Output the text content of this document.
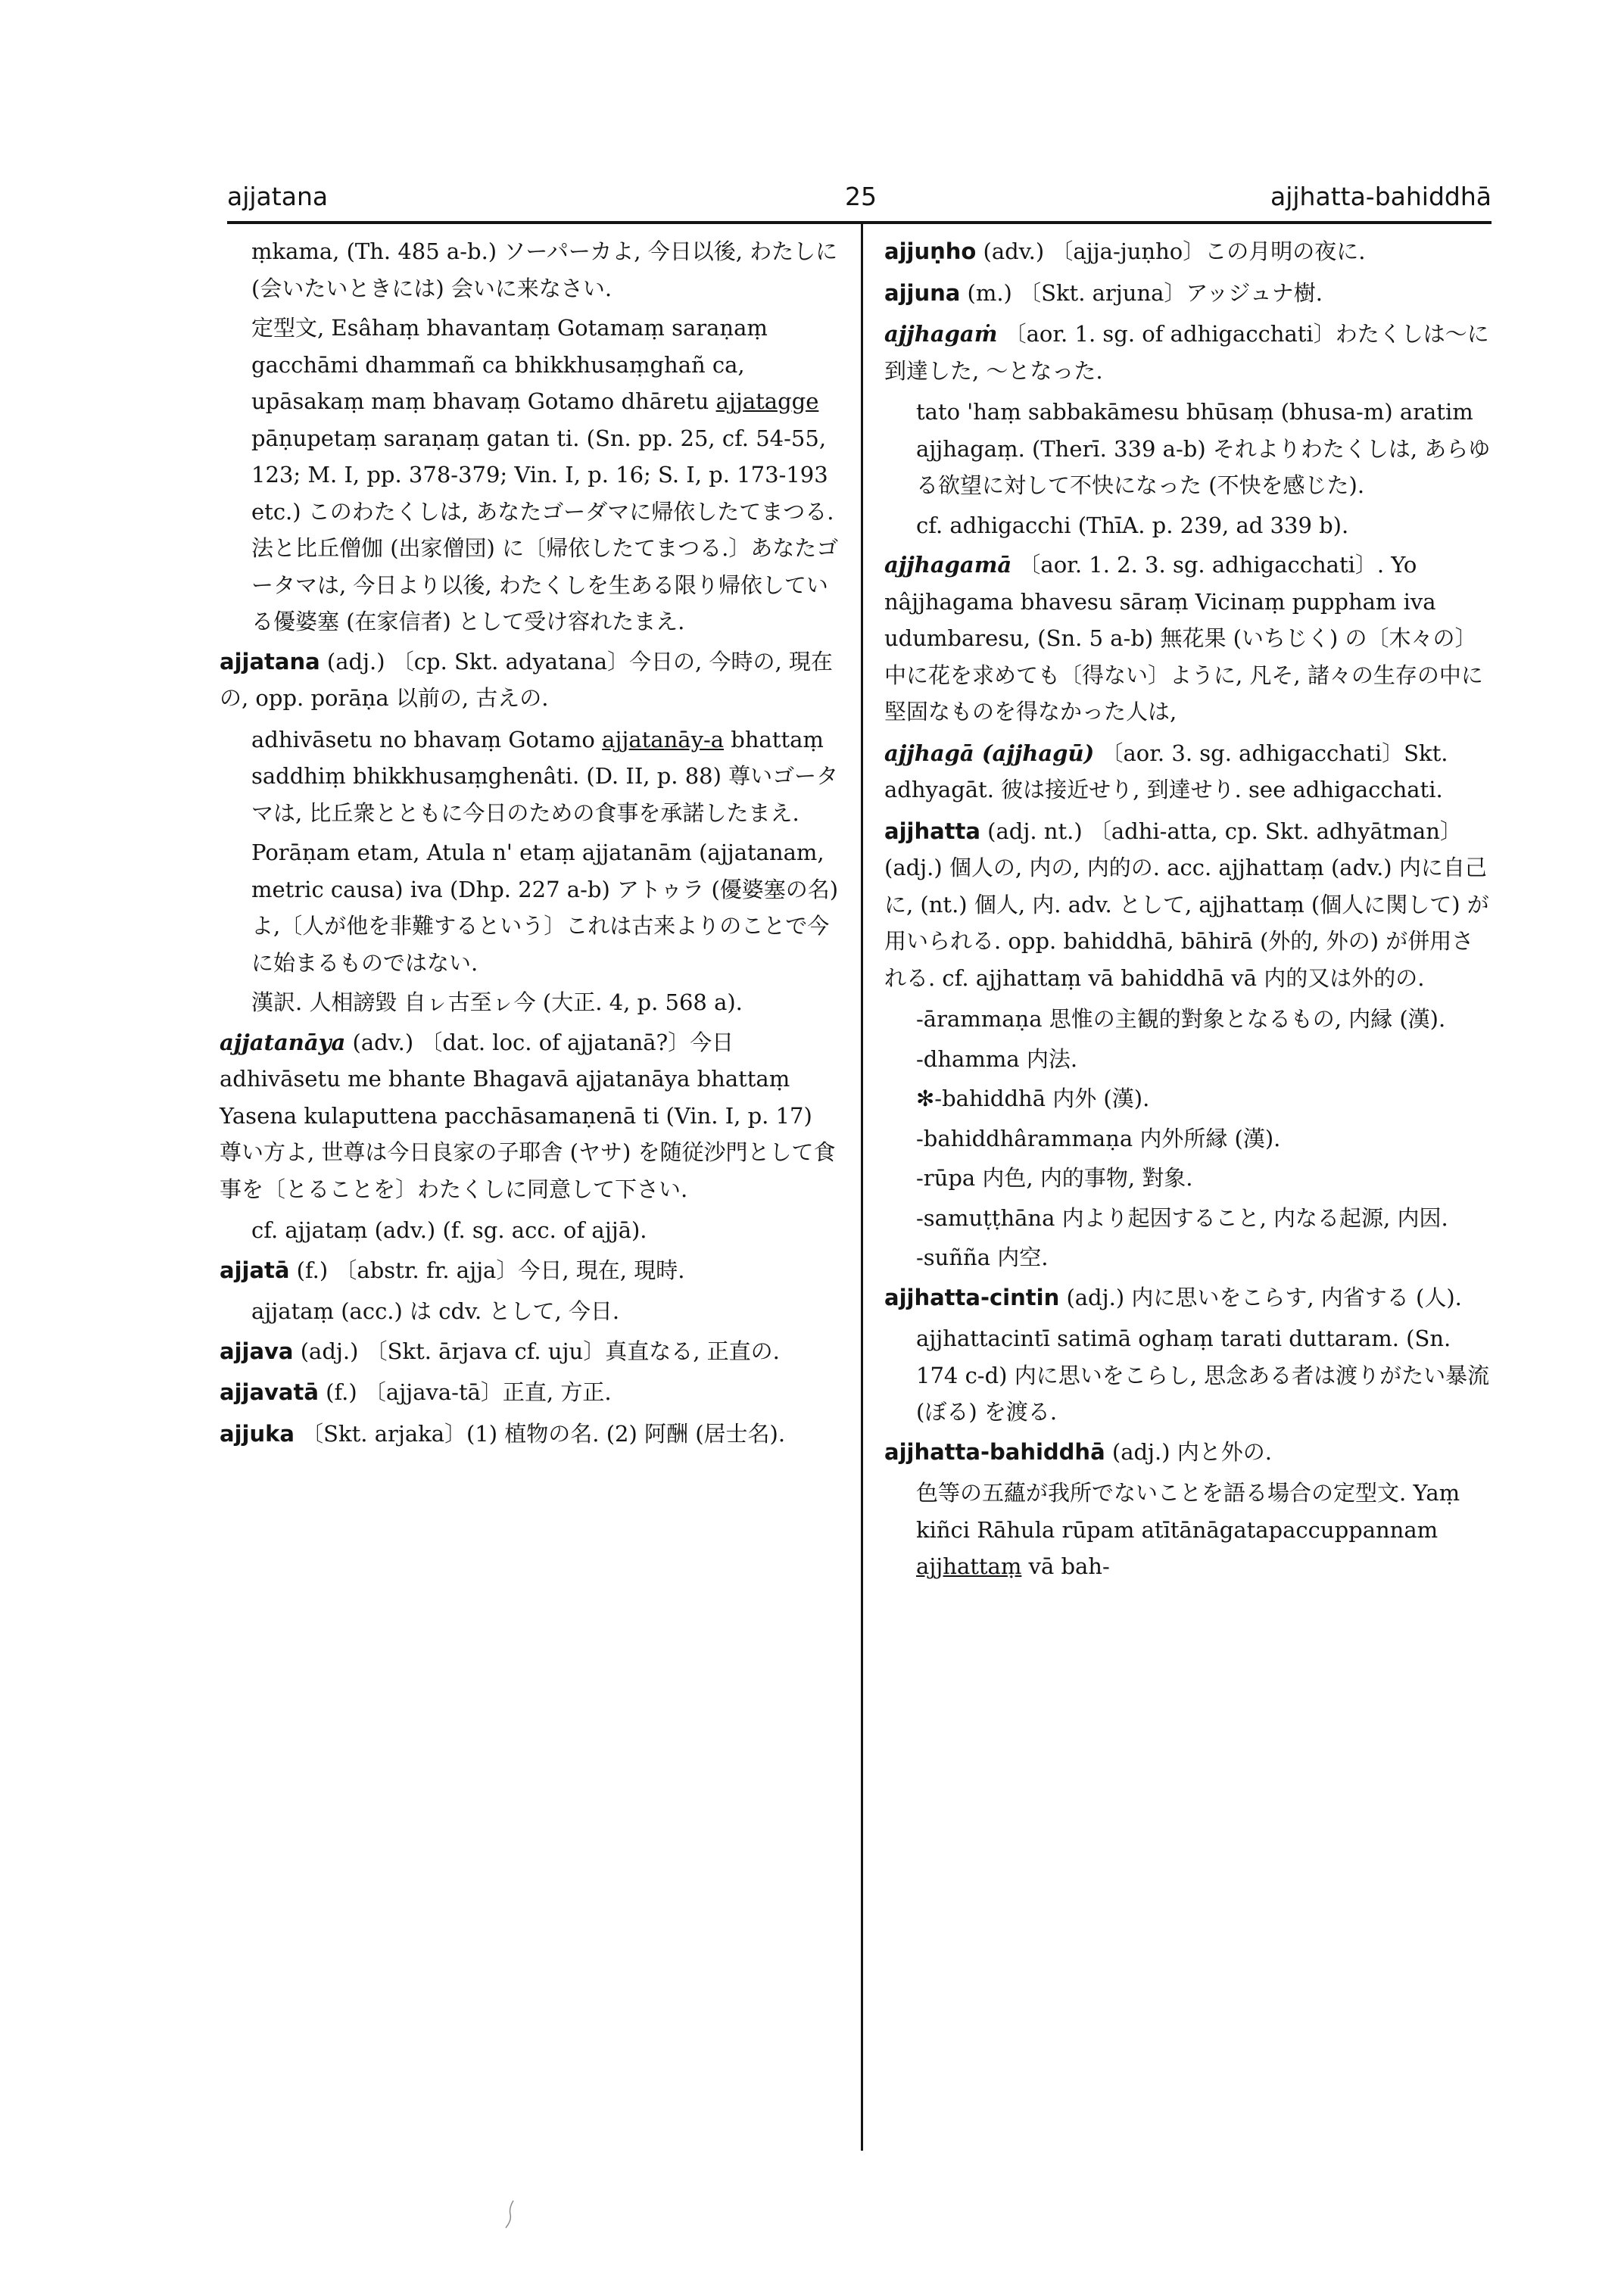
ajjatana	25	ajjhatta-bahiddhā
ṃkama, (Th. 485 a-b.) ソーパーカよ, 今日以後, わたしに (会いたいときには) 会いに来なさい.
定型文, Esâhaṃ bhavantaṃ Gotamaṃ saraṇaṃ gacchāmi dhammañ ca bhikkhusaṃghañ ca, upāsakaṃ maṃ bhavaṃ Gotamo dhāretu ajjatagge pāṇupetaṃ saraṇaṃ gatan ti. (Sn. pp. 25, cf. 54-55, 123; M. I, pp. 378-379; Vin. I, p. 16; S. I, p. 173-193 etc.) このわたくしは, あなたゴーダマに帰依したてまつる. 法と比丘僧伽 (出家僧団) に〔帰依したてまつる.〕あなたゴータマは, 今日より以後, わたくしを生ある限り帰依している優婆塞 (在家信者) として受け容れたまえ.
ajjatana (adj.) 〔cp. Skt. adyatana〕今日の, 今時の, 現在の, opp. porāṇa 以前の, 古えの.
adhivāsetu no bhavaṃ Gotamo ajjatanāy-a bhattaṃ saddhiṃ bhikkhusaṃghenâti. (D. II, p. 88) 尊いゴータマは, 比丘衆とともに今日のための食事を承諾したまえ.
Porāṇam etam, Atula n' etaṃ ajjatanām (ajjatanam, metric causa) iva (Dhp. 227 a-b) アトゥラ (優婆塞の名) よ,〔人が他を非難するという〕これは古来よりのことで今に始まるものではない.
漢訳. 人相謗毀 自ㇾ古至ㇾ今 (大正. 4, p. 568 a).
ajjatanāya (adv.) 〔dat. loc. of ajjatanā?〕今日 adhivāsetu me bhante Bhagavā ajjatanāya bhattaṃ Yasena kulaputtena pacchāsamaṇenā ti (Vin. I, p. 17) 尊い方よ, 世尊は今日良家の子耶舎 (ヤサ) を随従沙門として食事を〔とることを〕わたくしに同意して下さい.
cf. ajjataṃ (adv.) (f. sg. acc. of ajjā).
ajjatā (f.) 〔abstr. fr. ajja〕今日, 現在, 現時.
ajjataṃ (acc.) は cdv. として, 今日.
ajjava (adj.) 〔Skt. ārjava cf. uju〕真直なる, 正直の.
ajjavatā (f.) 〔ajjava-tā〕正直, 方正.
ajjuka 〔Skt. arjaka〕(1) 植物の名. (2) 阿酬 (居士名).
ajjuṇho (adv.) 〔ajja-juṇho〕この月明の夜に.
ajjuna (m.) 〔Skt. arjuna〕アッジュナ樹.
ajjhagaṁ 〔aor. 1. sg. of adhigacchati〕わたくしは〜に到達した, 〜となった.
tato 'haṃ sabbakāmesu bhūsaṃ (bhusa-m) aratim ajjhagaṃ. (Therī. 339 a-b) それよりわたくしは, あらゆる欲望に対して不快になった (不快を感じた).
cf. adhigacchi (ThīA. p. 239, ad 339 b).
ajjhagamā 〔aor. 1. 2. 3. sg. adhigacchati〕. Yo nâjjhagama bhavesu sāraṃ Vicinaṃ puppham iva udumbaresu, (Sn. 5 a-b) 無花果 (いちじく) の〔木々の〕中に花を求めても〔得ない〕ように, 凡そ, 諸々の生存の中に堅固なものを得なかった人は,
ajjhagā (ajjhagū) 〔aor. 3. sg. adhigacchati〕Skt. adhyagāt. 彼は接近せり, 到達せり. see adhigacchati.
ajjhatta (adj. nt.) 〔adhi-atta, cp. Skt. adhyātman〕(adj.) 個人の, 内の, 内的の. acc. ajjhattaṃ (adv.) 内に自己に, (nt.) 個人, 内. adv. として, ajjhattaṃ (個人に関して) が用いられる. opp. bahiddhā, bāhirā (外的, 外の) が併用される. cf. ajjhattaṃ vā bahiddhā vā 内的又は外的の.
-ārammaṇa 思惟の主観的對象となるもの, 内縁 (漢).
-dhamma 内法.
✻-bahiddhā 内外 (漢).
-bahiddhârammaṇa 内外所縁 (漢).
-rūpa 内色, 内的事物, 對象.
-samuṭṭhāna 内より起因すること, 内なる起源, 内因.
-suñña 内空.
ajjhatta-cintin (adj.) 内に思いをこらす, 内省する (人).
ajjhattacintī satimā oghaṃ tarati duttaram. (Sn. 174 c-d) 内に思いをこらし, 思念ある者は渡りがたい暴流 (ぼる) を渡る.
ajjhatta-bahiddhā (adj.) 内と外の.
色等の五蘊が我所でないことを語る場合の定型文. Yaṃ kiñci Rāhula rūpam atītānāgatapaccuppannam ajjhattaṃ vā bah-
